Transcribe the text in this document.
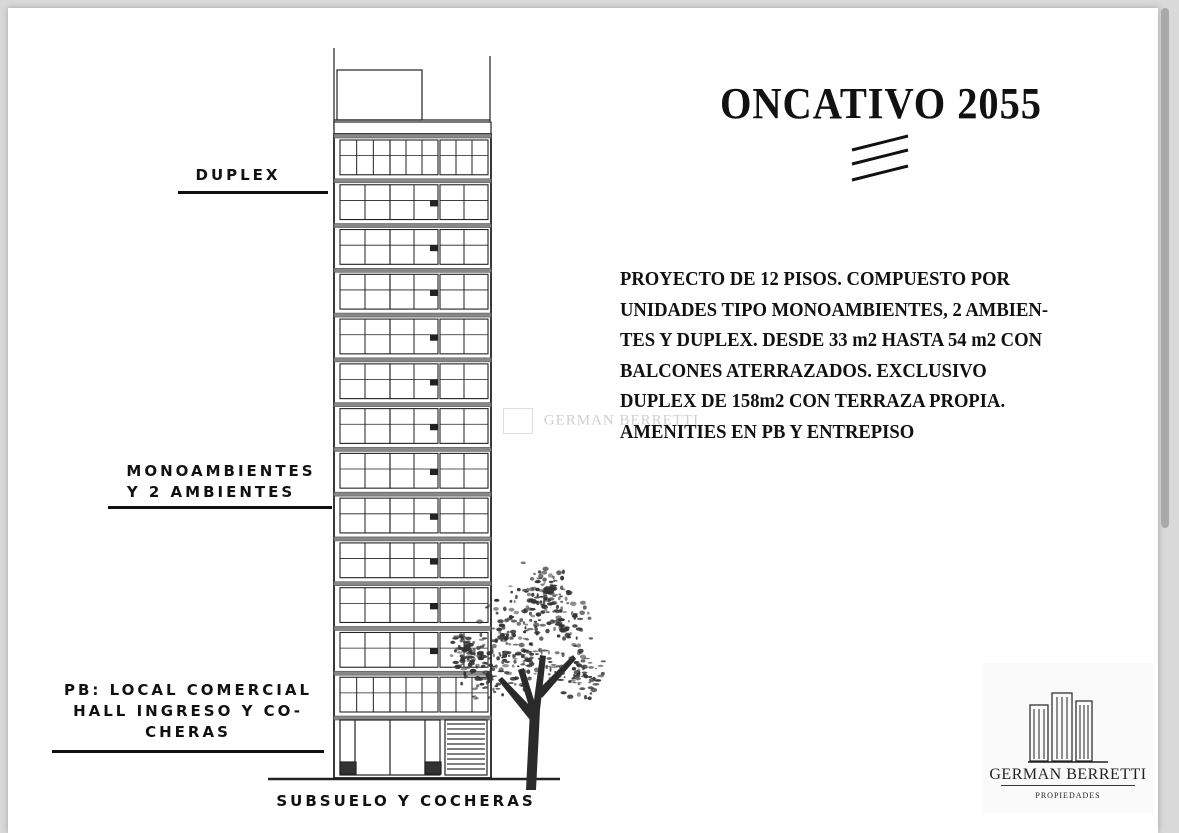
DUPLEX
MONOAMBIENTES
Y 2 AMBIENTES
PB: LOCAL COMERCIAL
HALL INGRESO Y CO-
CHERAS
SUBSUELO Y COCHERAS
ONCATIVO 2055
PROYECTO DE 12 PISOS. COMPUESTO POR
UNIDADES TIPO MONOAMBIENTES, 2 AMBIEN-
TES Y DUPLEX. DESDE 33 m2 HASTA 54 m2 CON
BALCONES ATERRAZADOS. EXCLUSIVO
DUPLEX DE 158m2 CON TERRAZA PROPIA.
AMENITIES EN PB Y ENTREPISO
GERMAN BERRETTI
GERMAN BERRETTI
PROPIEDADES
